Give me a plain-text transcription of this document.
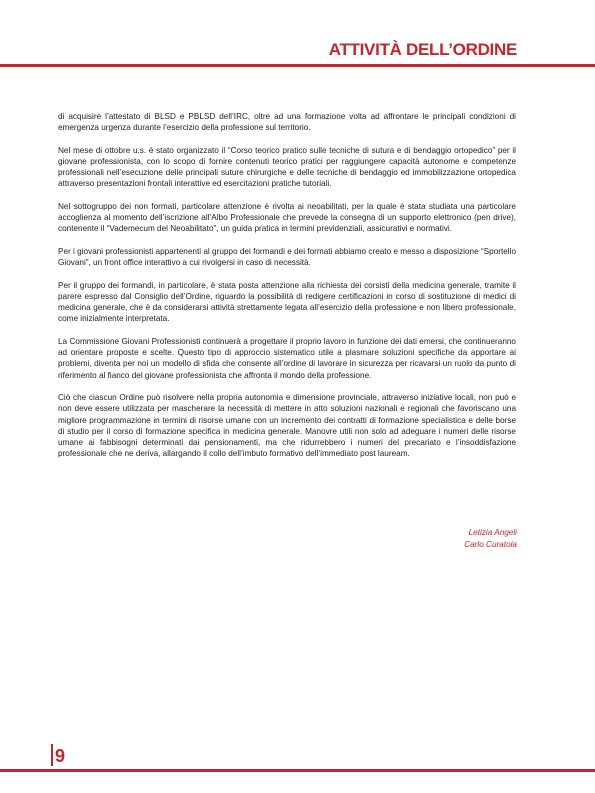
ATTIVITÀ DELL’ORDINE

di acquisire l’attestato di BLSD e PBLSD dell’IRC, oltre ad una formazione volta ad affrontare le principali condizioni di emergenza urgenza durante l’esercizio della professione sul territorio.

Nel mese di ottobre u.s. è stato organizzato il “Corso teorico pratico sulle tecniche di sutura e di bendaggio ortopedico” per il giovane professionista, con lo scopo di fornire contenuti teorico pratici per raggiungere capacità autonome e competenze professionali nell’esecuzione delle principali suture chirurgiche e delle tecniche di bendaggio ed immobilizzazione ortopedica attraverso presentazioni frontali interattive ed esercitazioni pratiche tutoriali.

Nel sottogruppo dei non formati, particolare attenzione è rivolta ai neoabilitati, per la quale è stata studiata una particolare accoglienza al momento dell’iscrizione all’Albo Professionale che prevede la consegna di un supporto elettronico (pen drive), contenente il “Vademecum del Neoabilitato”, un guida pratica in termini previdenziali, assicurativi e normativi.

Per i giovani professionisti appartenenti al gruppo dei formandi e dei formati abbiamo creato e messo a disposizione “Sportello Giovani”, un front office interattivo a cui rivolgersi in caso di necessità.

Per il gruppo dei formandi, in particolare, è stata posta attenzione alla richiesta dei corsisti della medicina generale, tramite il parere espresso dal Consiglio dell’Ordine, riguardo la possibilità di redigere certificazioni in corso di sostituzione di medici di medicina generale, che è da considerarsi attività strettamente legata all’esercizio della professione e non libero professionale, come inizialmente interpretata.

La Commissione Giovani Professionisti continuerà a progettare il proprio lavoro in funzione dei dati emersi, che continueranno ad orientare proposte e scelte. Questo tipo di approccio sistematico utile a plasmare soluzioni specifiche da apportare ai problemi, diventa per noi un modello di sfida che consente all’ordine di lavorare in sicurezza per ricavarsi un ruolo da punto di riferimento al fianco del giovane professionista che affronta il mondo della professione.

Ciò che ciascun Ordine può risolvere nella propria autonomia e dimensione provinciale, attraverso iniziative locali, non può e non deve essere utilizzata per mascherare la necessità di mettere in atto soluzioni nazionali e regionali che favoriscano una migliore programmazione in termini di risorse umane con un incremento dei contratti di formazione specialistica e delle borse di studio per il corso di formazione specifica in medicina generale. Manovre utili non solo ad adeguare i numeri delle risorse umane ai fabbisogni determinati dai pensionamenti, ma che ridurrebbero i numeri del precariato e l’insoddisfazione professionale che ne deriva, allargando il collo dell’imbuto formativo dell’immediato post lauream.

Letizia Angeli
Carlo Curatola
9
